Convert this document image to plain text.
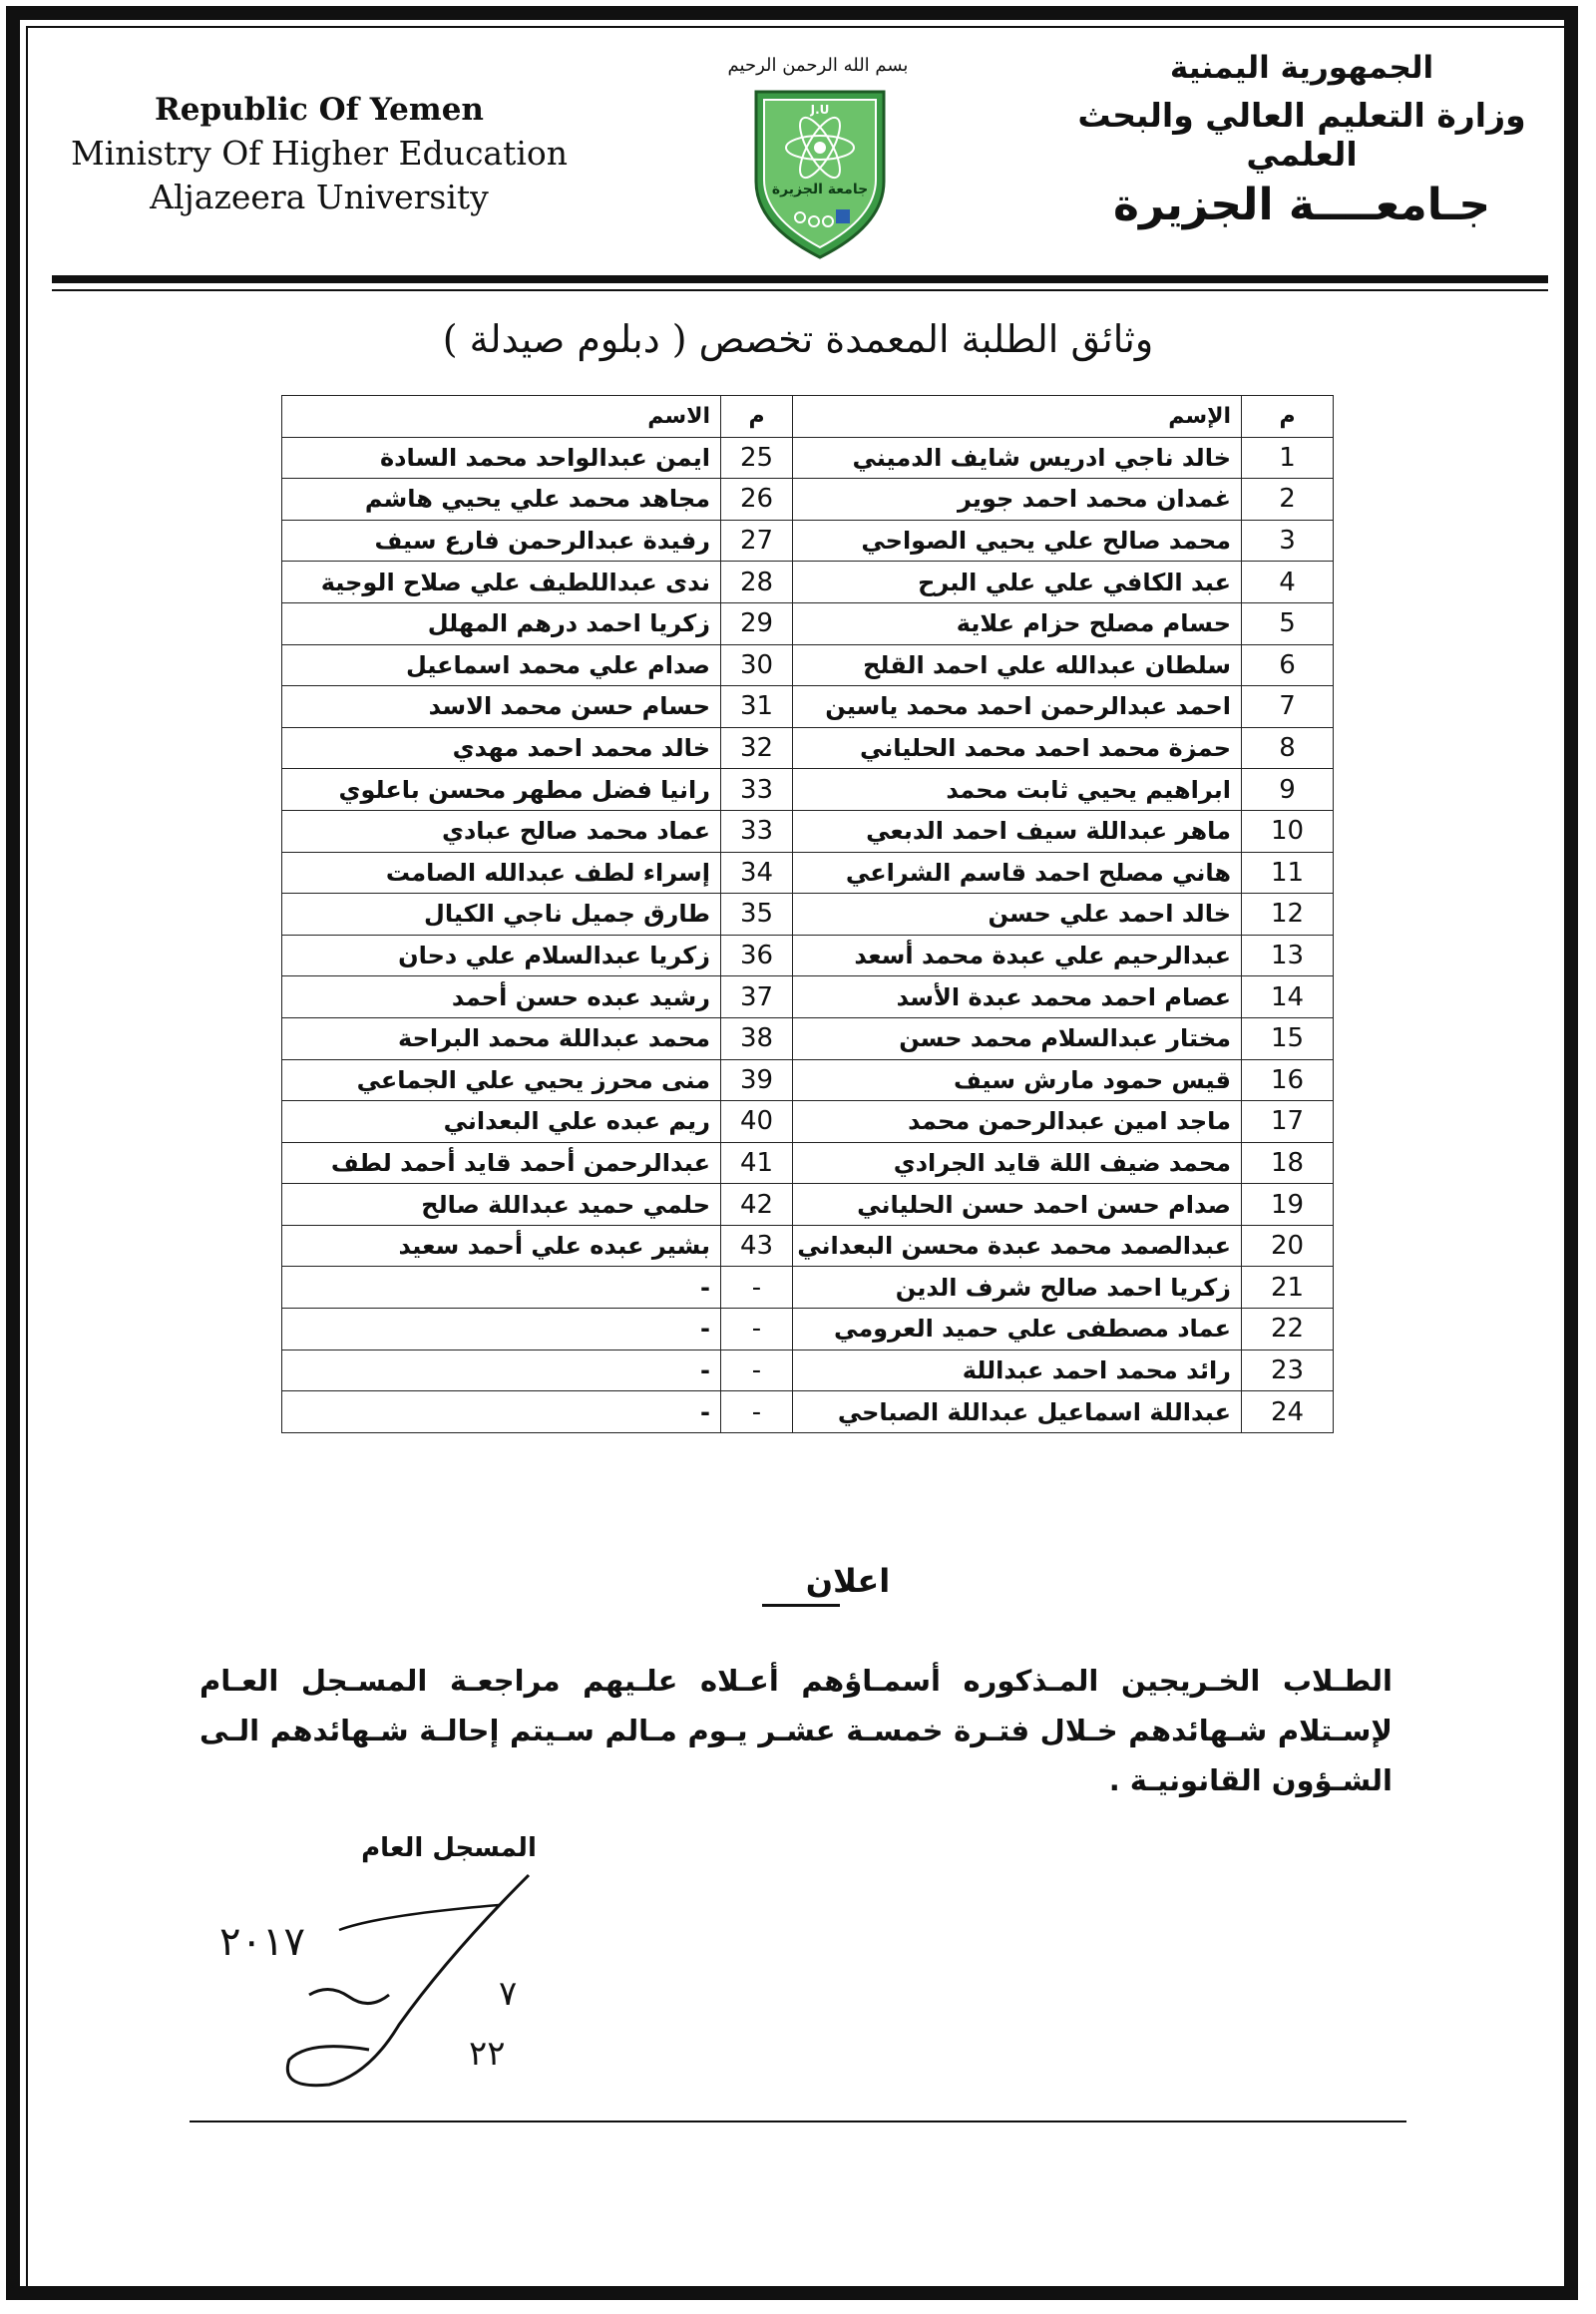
Republic Of Yemen
Ministry Of Higher Education
Aljazeera University
بسم الله الرحمن الرحيم
J.U
جامعة الجزيرة
الجمهورية اليمنية
وزارة التعليم العالي والبحث العلمي
جـامعــــة الجزيرة
وثائق الطلبة المعمدة تخصص ( دبلوم صيدلة )
م	الإسم	م	الاسم
1	خالد ناجي ادريس شايف الدميني	25	ايمن عبدالواحد محمد السادة
2	غمدان محمد احمد جوير	26	مجاهد محمد علي يحيي هاشم
3	محمد صالح علي يحيي الصواحي	27	رفيدة عبدالرحمن فارع سيف
4	عبد الكافي علي علي البرح	28	ندى عبداللطيف علي صلاح الوجية
5	حسام مصلح حزام علاية	29	زكريا احمد درهم المهلل
6	سلطان عبدالله علي احمد القلح	30	صدام علي محمد اسماعيل
7	احمد عبدالرحمن احمد محمد ياسين	31	حسام حسن محمد الاسد
8	حمزة محمد احمد محمد الحلياني	32	خالد محمد احمد مهدي
9	ابراهيم يحيي ثابت محمد	33	رانيا فضل مطهر محسن باعلوي
10	ماهر عبداللة سيف احمد الدبعي	33	عماد محمد صالح عبادي
11	هاني مصلح احمد قاسم الشراعي	34	إسراء لطف عبدالله الصامت
12	خالد احمد علي حسن	35	طارق جميل ناجي الكيال
13	عبدالرحيم علي عبدة محمد أسعد	36	زكريا عبدالسلام علي دحان
14	عصام احمد محمد عبدة الأسد	37	رشيد عبده حسن أحمد
15	مختار عبدالسلام محمد حسن	38	محمد عبداللة محمد البراحة
16	قيس حمود مارش سيف	39	منى محرز يحيي علي الجماعي
17	ماجد امين عبدالرحمن محمد	40	ريم عبده علي البعداني
18	محمد ضيف اللة قايد الجرادي	41	عبدالرحمن أحمد قايد أحمد لطف
19	صدام حسن احمد حسن الحلياني	42	حلمي حميد عبداللة صالح
20	عبدالصمد محمد عبدة محسن البعداني	43	بشير عبده علي أحمد سعيد
21	زكريا احمد صالح شرف الدين	-	-
22	عماد مصطفى علي حميد العرومي	-	-
23	رائد محمد احمد عبداللة	-	-
24	عبداللة اسماعيل عبداللة الصباحي	-	-
اعلان
الطـلاب الخـريجين المـذكوره أسمـاؤهم أعـلاه علـيهم مراجعـة المسـجل العـام لإسـتلام شـهائدهم خـلال فتـرة خمسـة عشـر يـوم مـالم سـيتم إحالـة شـهائدهم الـى الشـؤون القانونيـة .
المسجل العام
٢٠١٧
٧
٢٢
